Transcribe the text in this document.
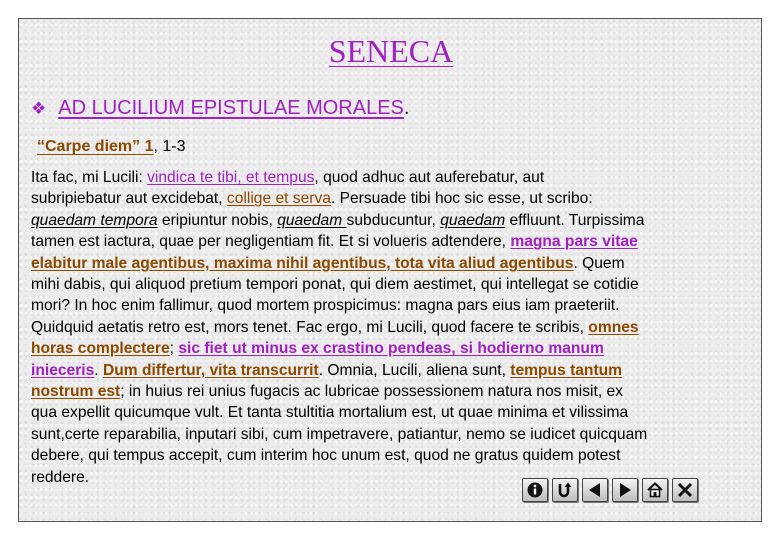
SENECA
❖ AD LUCILIUM EPISTULAE MORALES .
“Carpe diem” 1, 1-3
Ita fac, mi Lucili: vindica te tibi, et tempus, quod adhuc aut auferebatur, aut
subripiebatur aut excidebat, collige et serva. Persuade tibi hoc sic esse, ut scribo:
quaedam tempora eripiuntur nobis, quaedam subducuntur, quaedam effluunt. Turpissima
tamen est iactura, quae per negligentiam fit. Et si volueris adtendere, magna pars vitae
elabitur male agentibus, maxima nihil agentibus, tota vita aliud agentibus. Quem
mihi dabis, qui aliquod pretium tempori ponat, qui diem aestimet, qui intellegat se cotidie
mori? In hoc enim fallimur, quod mortem prospicimus: magna pars eius iam praeteriit.
Quidquid aetatis retro est, mors tenet. Fac ergo, mi Lucili, quod facere te scribis, omnes
horas complectere; sic fiet ut minus ex crastino pendeas, si hodierno manum
inieceris. Dum differtur, vita transcurrit. Omnia, Lucili, aliena sunt, tempus tantum
nostrum est; in huius rei unius fugacis ac lubricae possessionem natura nos misit, ex
qua expellit quicumque vult. Et tanta stultitia mortalium est, ut quae minima et vilissima
sunt,certe reparabilia, inputari sibi, cum impetravere, patiantur, nemo se iudicet quicquam
debere, qui tempus accepit, cum interim hoc unum est, quod ne gratus quidem potest
reddere.
